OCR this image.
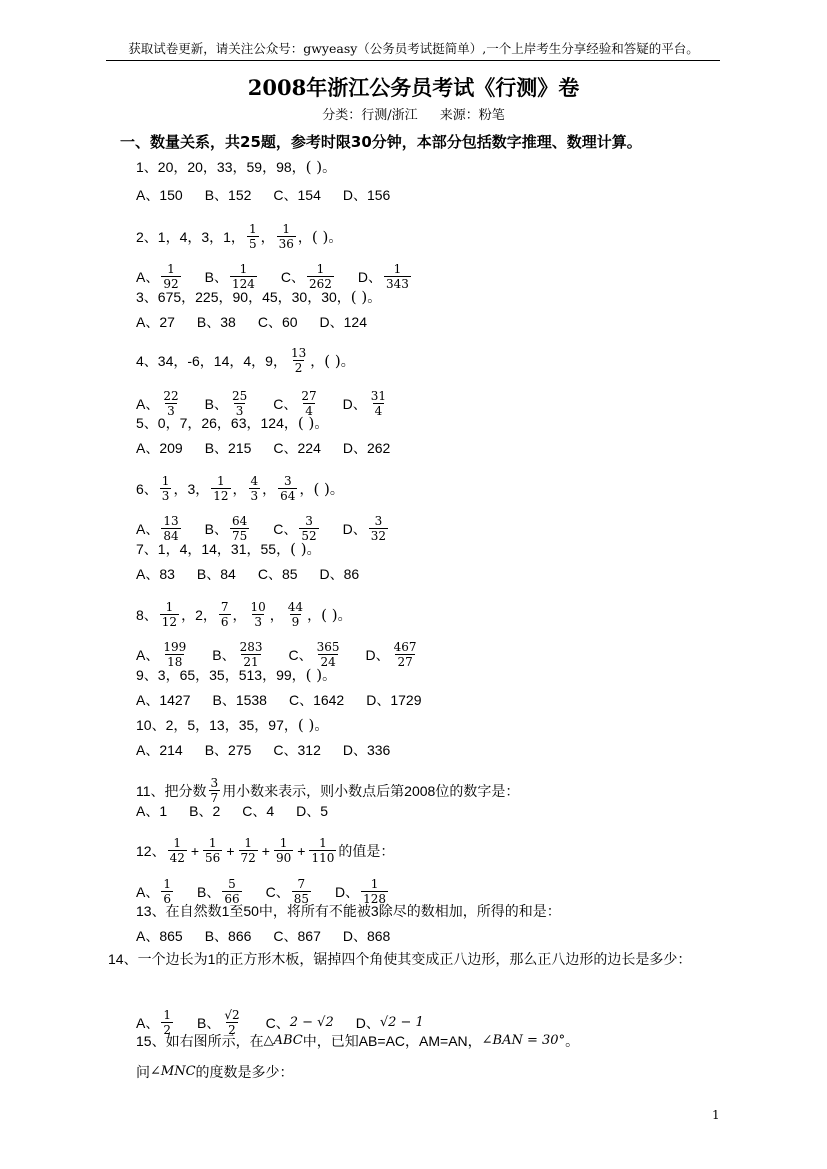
获取试卷更新，请关注公众号：gwyeasy（公务员考试挺简单）,一个上岸考生分享经验和答疑的平台。
2008年浙江公务员考试《行测》卷
分类：行测/浙江 来源：粉笔
一、数量关系，共25题，参考时限30分钟，本部分包括数字推理、数理计算。
1、20，20，33，59，98， ( ) 。
A、150 B、152 C、154 D、156
2、1，4，3，1， $\frac{1}{5}$ ， $\frac{1}{36}$ ， ( ) 。
A、 $\frac{1}{92}$ B、 $\frac{1}{124}$ C、 $\frac{1}{262}$ D、 $\frac{1}{343}$
3、675，225，90，45，30，30， ( ) 。
A、27 B、38 C、60 D、124
4、34，-6，14，4，9， $\frac{13}{2}$ ， ( ) 。
A、 $\frac{22}{3}$ B、 $\frac{25}{3}$ C、 $\frac{27}{4}$ D、 $\frac{31}{4}$
5、0，7，26，63，124， ( ) 。
A、209 B、215 C、224 D、262
6、 $\frac{1}{3}$ ， 3 ， $\frac{1}{12}$ ， $\frac{4}{3}$ ， $\frac{3}{64}$ ， ( ) 。
A、 $\frac{13}{84}$ B、 $\frac{64}{75}$ C、 $\frac{3}{52}$ D、 $\frac{3}{32}$
7、1，4，14，31，55， ( ) 。
A、83 B、84 C、85 D、86
8、 $\frac{1}{12}$ ， 2 ， $\frac{7}{6}$ ， $\frac{10}{3}$ ， $\frac{44}{9}$ ， ( ) 。
A、 $\frac{199}{18}$ B、 $\frac{283}{21}$ C、 $\frac{365}{24}$ D、 $\frac{467}{27}$
9、3，65，35，513，99， ( ) 。
A、1427 B、1538 C、1642 D、1729
10、2，5，13，35，97， ( ) 。
A、214 B、275 C、312 D、336
11、把分数 $\frac{3}{7}$ 用小数来表示，则小数点后第2008位的数字是：
A、1 B、2 C、4 D、5
12、 $\frac{1}{42} + \frac{1}{56} + \frac{1}{72} + \frac{1}{90} + \frac{1}{110}$ 的值是：
A、 $\frac{1}{6}$ B、 $\frac{5}{66}$ C、 $\frac{7}{85}$ D、 $\frac{1}{128}$
13、在自然数1至50中，将所有不能被3除尽的数相加，所得的和是：
A、865 B、866 C、867 D、868
14、一个边长为1的正方形木板，锯掉四个角使其变成正八边形，那么正八边形的边长是多少：
A、 $\frac{1}{2}$ B、 $\frac{√2}{2}$ C、 2 − √2 D、 √2 − 1
15、如右图所示，在 △ABC 中，已知AB=AC，AM=AN， ∠BAN = 30° 。
问 ∠MNC 的度数是多少：
1
